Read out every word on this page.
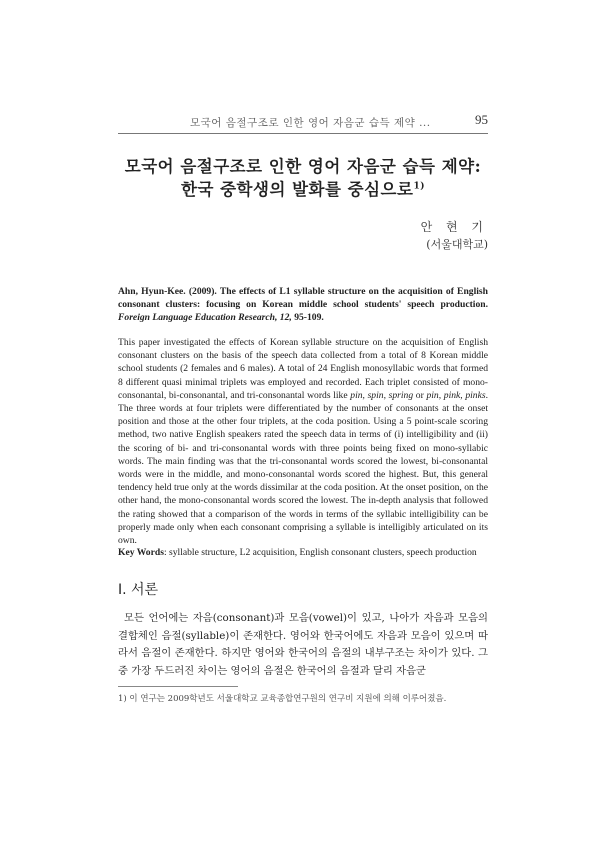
모국어 음절구조로 인한 영어 자음군 습득 제약 ...	95
모국어 음절구조로 인한 영어 자음군 습득 제약:
한국 중학생의 발화를 중심으로$^{1)}$
안 현 기
(서울대학교)
Ahn, Hyun-Kee. (2009). The effects of L1 syllable structure on the acquisition of English consonant clusters: focusing on Korean middle school students' speech production. Foreign Language Education Research, 12, 95-109.
This paper investigated the effects of Korean syllable structure on the acquisition of English consonant clusters on the basis of the speech data collected from a total of 8 Korean middle school students (2 females and 6 males). A total of 24 English monosyllabic words that formed 8 different quasi minimal triplets was employed and recorded. Each triplet consisted of mono-consonantal, bi-consonantal, and tri-consonantal words like pin, spin, spring or pin, pink, pinks. The three words at four triplets were differentiated by the number of consonants at the onset position and those at the other four triplets, at the coda position. Using a 5 point-scale scoring method, two native English speakers rated the speech data in terms of (i) intelligibility and (ii) the scoring of bi- and tri-consonantal words with three points being fixed on mono-syllabic words. The main finding was that the tri-consonantal words scored the lowest, bi-consonantal words were in the middle, and mono-consonantal words scored the highest. But, this general tendency held true only at the words dissimilar at the coda position. At the onset position, on the other hand, the mono-consonantal words scored the lowest. The in-depth analysis that followed the rating showed that a comparison of the words in terms of the syllabic intelligibility can be properly made only when each consonant comprising a syllable is intelligibly articulated on its own.
Key Words: syllable structure, L2 acquisition, English consonant clusters, speech production
Ⅰ. 서론

모든 언어에는 자음(consonant)과 모음(vowel)이 있고, 나아가 자음과 모음의 결합체인 음절(syllable)이 존재한다. 영어와 한국어에도 자음과 모음이 있으며 따라서 음절이 존재한다. 하지만 영어와 한국어의 음절의 내부구조는 차이가 있다. 그 중 가장 두드러진 차이는 영어의 음절은 한국어의 음절과 달리 자음군

1) 이 연구는 2009학년도 서울대학교 교육종합연구원의 연구비 지원에 의해 이루어졌음.
